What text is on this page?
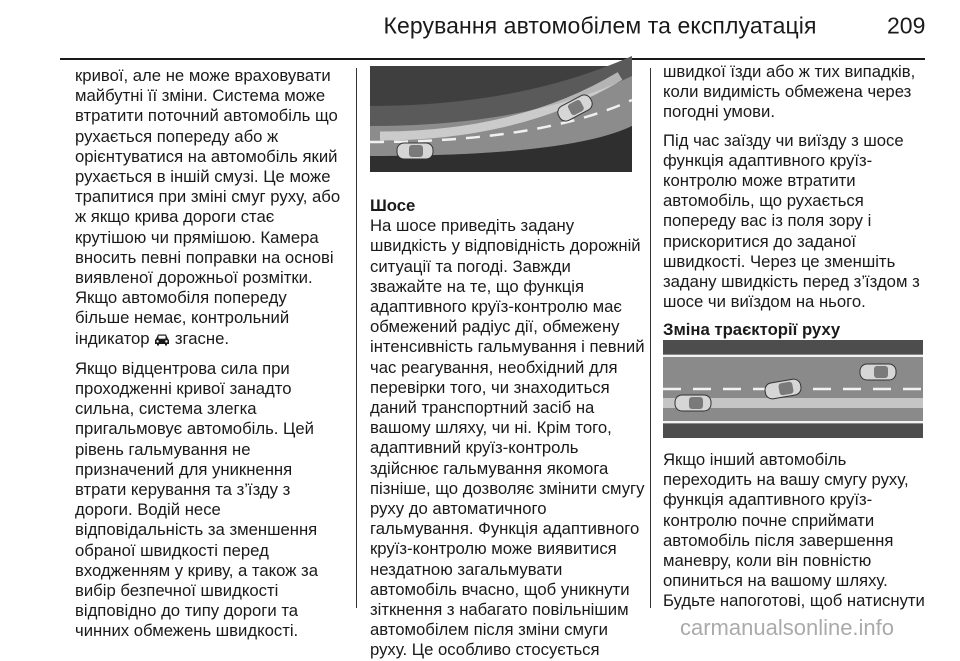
Керування автомобілем та експлуатація	209

кривої, але не може враховувати майбутні її зміни. Система може втратити поточний автомобіль що рухається попереду або ж орієнтуватися на автомобіль який рухається в іншій смузі. Це може трапитися при зміні смуг руху, або ж якщо крива дороги стає крутішою чи прямішою. Камера вносить певні поправки на основі виявленої дорожньої розмітки. Якщо автомобіля попереду більше немає, контрольний індикатор згасне.

Якщо відцентрова сила при проходженні кривої занадто сильна, система злегка пригальмовує автомобіль. Цей рівень гальмування не призначений для уникнення втрати керування та з’їзду з дороги. Водій несе відповідальність за зменшення обраної швидкості перед входженням у криву, а також за вибір безпечної швидкості відповідно до типу дороги та чинних обмежень швидкості.

Шосе

На шосе приведіть задану швидкість у відповідність дорожній ситуації та погоді. Завжди зважайте на те, що функція адаптивного круїз-контролю має обмежений радіус дії, обмежену інтенсивність гальмування і певний час реагування, необхідний для перевірки того, чи знаходиться даний транспортний засіб на вашому шляху, чи ні. Крім того, адаптивний круїз-контроль здійснює гальмування якомога пізніше, що дозволяє змінити смугу руху до автоматичного гальмування. Функція адаптивного круїз-контролю може виявитися нездатною загальмувати автомобіль вчасно, щоб уникнути зіткнення з набагато повільнішим автомобілем після зміни смуги руху. Це особливо стосується

швидкої їзди або ж тих випадків, коли видимість обмежена через погодні умови.

Під час заїзду чи виїзду з шосе функція адаптивного круїз-контролю може втратити автомобіль, що рухається попереду вас із поля зору і прискоритися до заданої швидкості. Через це зменшіть задану швидкість перед з’їздом з шосе чи виїздом на нього.

Зміна траєкторії руху

Якщо інший автомобіль переходить на вашу смугу руху, функція адаптивного круїз-контролю почне сприймати автомобіль після завершення маневру, коли він повністю опиниться на вашому шляху. Будьте напоготові, щоб натиснути

carmanualsonline.info
